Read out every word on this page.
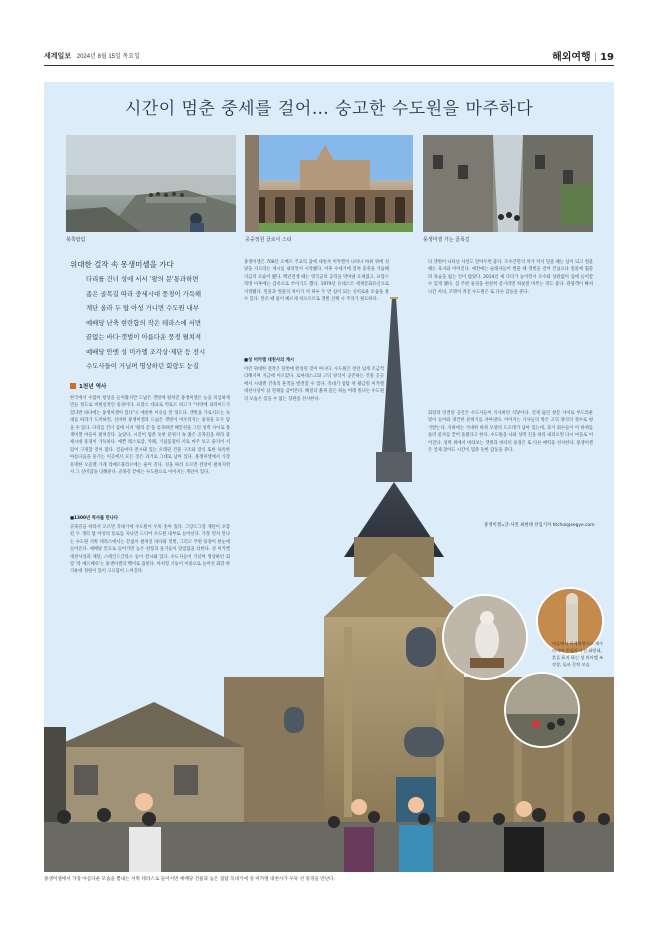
세계일보 2024년 8월 15일 목요일	해외여행 | 19
시간이 멈춘 중세를 걸어… 숭고한 수도원을 마주하다
북쪽탑림	공중정원 클로이 스티	몽생미셸 가는 골목길
위대한 걸작 속 몽생미셸을 가다
다리를 건너 성에 서서 '왕의 문'통과하면
좁은 골목길 따라 중세시대 풍경이 가득해
계단 올라 두 탑 아성 거니면 수도원 내부
예배당 난축 현란함의 작은 테라스에 서면
끝없는 바다·갯벌이 아름다운 풍경 펼쳐져
예배당 안엔 성 미카엘 조각상·제단 등 전시
수도사들이 거닐며 명상하던 회랑도 눈길
1천년 역사
한국에서 수많이 항상을 들어왔지만 드넓은 갯벌에 펼쳐진 몽생미셸은 눈을 의심하게 만들 정도로 비현실적인 풍경이다. 프랑스 대표로 빅토르 위고가 "사막에 피라미드가 있다면 바다에는 몽생미셸이 있다"고 예찬한 이유를 알 정도다. 갯벌을 가로지르는 둑대를 따라가 도착하면, 신비한 몽생미셸과 드넓은 갯벌이 어우러지는 풍경을 모두 담을 수 있다. 다리를 건너 섬에 서서 '왕의 문'을 통과하면 해안선을 그린 성벽 사이로 몽생미셸 마을이 펼쳐진다. 높았다. 시간이 멈춘 듯한 분위기 속 좁은 골목길을 따라 중세시대 풍경이 가득하다. 예쁜 레스토랑, 카페, 기념품점이 서로 마주 보고 줄지어 서 있어 구경할 것이 많다. 걸음마다 전시돼 있는 오래된 건물 구조와 장식 또한 독특한 아름다움을 풍기는 이곳에서 모든 것은 과거로 그대로 남아 있다. 몽생미셸에서 가장 유명한 오믈렛 가게 라메르풀라르에는 줄이 길다. 성을 따라 오르면 전망이 펼쳐지면서 그 신비함을 더해준다. 골목길 끝에는 수도원으로 이어지는 계단이 있다.
■1300년 역사를 만나다
골목길을 따라서 오르면 꼭대기에 수도원이 우뚝 솟아 있다. 그랑드그랑 계단이 포함된 두 개의 탑 아성의 통로를 지나면 드디어 수도원 내부로 들어선다. 가장 먼저 만나는 수도원 서쪽 테라스에서는 끝없이 펼쳐진 바다와 갯벌, 그리고 주변 풍경이 한눈에 들어온다. 예배당 안으로 들어가면 높은 천장과 돌기둥이 장엄함을 더한다. 성 미카엘 대천사상과 제단, 스테인드글라스 등이 전시돼 있다. 수도사들이 거닐며 명상하던 회랑 '라 메르베유'는 몽생미셸의 백미로 꼽힌다. 아치형 기둥이 이중으로 늘어선 회랑 한가운데 정원이 있어 고요함이 느껴진다.
몽생미셸은 708년 오베르 주교의 꿈에 대천사 미카엘이 나타나 바위 위에 성당을 지으라는 계시를 내리면서 시작됐다. 이후 수세기에 걸쳐 증축을 거듭해 지금의 모습이 됐다. 백년전쟁 때는 영국군의 공격을 막아낸 요새였고, 프랑스 혁명 이후에는 감옥으로 쓰이기도 했다. 1979년 유네스코 세계문화유산으로 지정됐다. 밀물과 썰물의 차이가 커 하루 두 번 섬이 되는 신비로운 모습을 볼 수 있다. 만조 때 물이 빠르게 차오르므로 갯벌 산책 시 주의가 필요하다.
■성 미카엘 대천사의 계시
이런 위대한 걸작은 단번에 완성된 것이 아니다. 수도원은 천년 넘게 조금씩 더해지며 지금에 이르렀다. 로마네스크와 고딕 양식이 공존하는 건물 곳곳에서 시대별 건축의 흔적을 발견할 수 있다. 꼭대기 첨탑 위 황금빛 미카엘 대천사상이 섬 전체를 굽어본다. 해질녘 붉게 물든 하늘 아래 빛나는 수도원의 모습은 잊을 수 없는 장관을 선사한다.
다 갯벌이 나타난 사연도 알아두면 좋다. 조수간만의 차가 커서 밀물 때는 섬이 되고 썰물 때는 육지와 이어진다. 예전에는 순례자들이 썰물 때 갯벌을 걸어 건넜으나 밀물에 휩쓸려 목숨을 잃는 일이 많았다. 2014년 새 다리가 놓이면서 조수와 상관없이 섬에 들어갈 수 있게 됐다. 섬 주변 풍경을 천천히 즐기려면 하룻밤 머무는 것도 좋다. 관광객이 빠져나간 저녁, 조명이 켜진 수도원은 또 다른 감동을 준다.
회랑과 연결된 공간은 수도사들이 식사하던 식당이다. 길게 뚫린 창문 사이로 부드러운 빛이 들어와 경건한 분위기를 자아낸다. 이어지는 기사들의 방은 고딕 양식의 정수로 평가받는다. 지하에는 거대한 바퀴 모양의 도르래가 남아 있는데, 과거 죄수들이 이 바퀴를 돌려 물자를 끌어 올렸다고 한다. 수도원을 나와 성벽 길을 따라 내려오면 다시 마을로 이어진다. 성벽 위에서 바라보는 갯벌과 바다의 풍경은 또 다른 매력을 선사한다. 몽생미셸은 언제 찾아도 시간이 멈춘 듯한 감동을 준다.
몽생미셸=글·사진 최현태 선임기자 htchoi@segye.com
마을에서 시계방향으로 예수 마리아 동상과 나선 화랑대, 흔들 표지 하는 성 미카엘 조각상, 돌파 문턱 모습
몽생미셸에서 가장 아름다운 모습을 뽐내는 서쪽 테라스로 들어서면 예배당 건물과 높은 첨탑 꼭대기에 성 미카엘 대천사가 우뚝 선 풍경을 만난다.
